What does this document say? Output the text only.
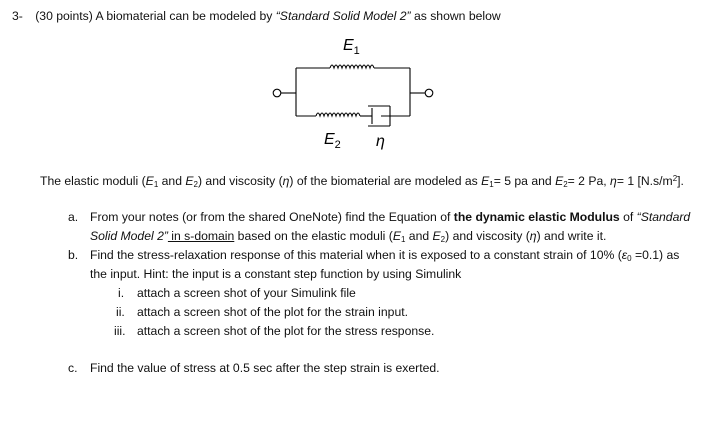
3- (30 points) A biomaterial can be modeled by “Standard Solid Model 2” as shown below
$E_1$
$E_2$ η
The elastic moduli ($E_1$ and $E_2$) and viscosity (η) of the biomaterial are modeled as $E_1= 5$ pa and $E_2= 2$ Pa, η= 1 $[N.s/m^2]$.
a. From your notes (or from the shared OneNote) find the Equation of the dynamic elastic Modulus of “Standard
Solid Model 2” in s-domain based on the elastic moduli ($E_1$ and $E_2$) and viscosity (η) and write it.
b. Find the stress-relaxation response of this material when it is exposed to a constant strain of 10% $(\varepsilon_0 =0.1)$ as
the input. Hint: the input is a constant step function by using Simulink
i. attach a screen shot of your Simulink file
ii. attach a screen shot of the plot for the strain input.
iii. attach a screen shot of the plot for the stress response.
c. Find the value of stress at 0.5 sec after the step strain is exerted.
